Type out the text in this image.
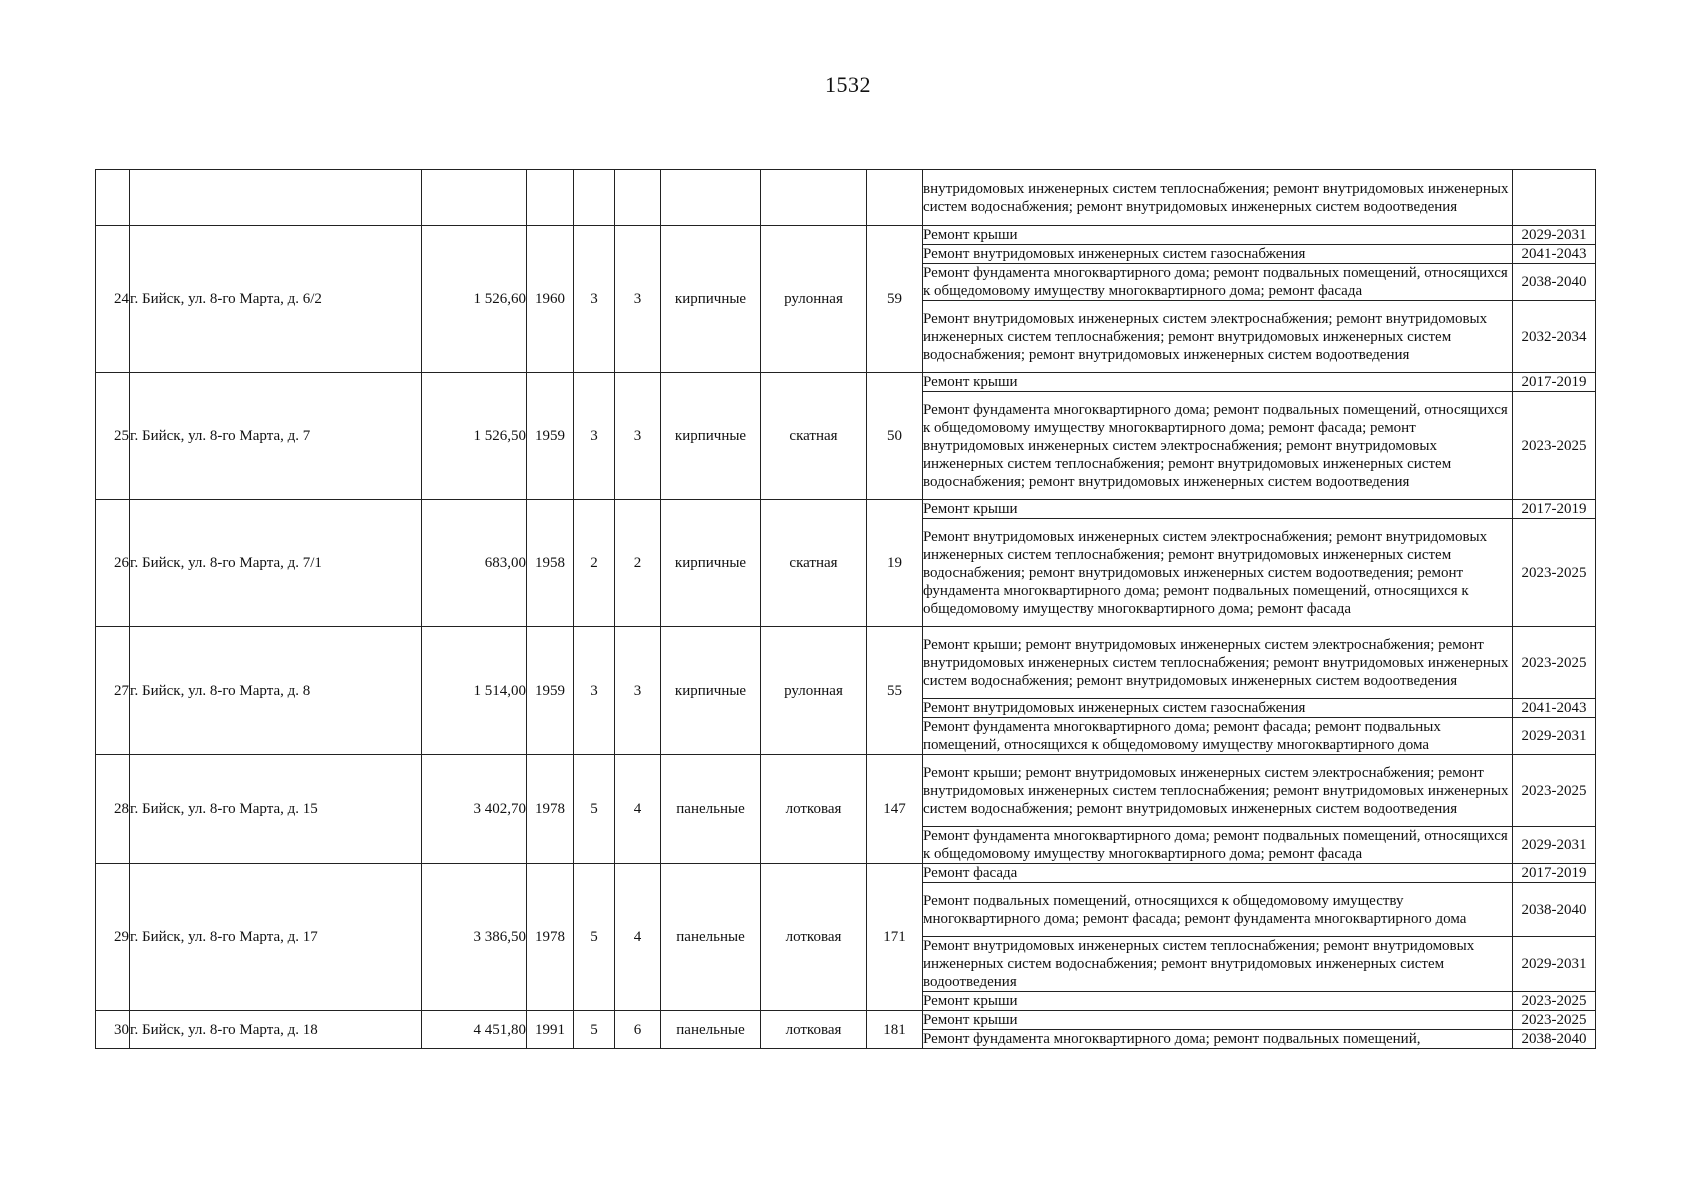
1532
									внутридомовых инженерных систем теплоснабжения; ремонт внутридомовых инженерных систем водоснабжения; ремонт внутридомовых инженерных систем водоотведения	
24	г. Бийск, ул. 8-го Марта, д. 6/2	1 526,60	1960	3	3	кирпичные	рулонная	59	Ремонт крыши	2029-2031
									Ремонт внутридомовых инженерных систем газоснабжения	2041-2043
									Ремонт фундамента многоквартирного дома; ремонт подвальных помещений, относящихся к общедомовому имуществу многоквартирного дома; ремонт фасада	2038-2040
									Ремонт внутридомовых инженерных систем электроснабжения; ремонт внутридомовых инженерных систем теплоснабжения; ремонт внутридомовых инженерных систем водоснабжения; ремонт внутридомовых инженерных систем водоотведения	2032-2034
25	г. Бийск, ул. 8-го Марта, д. 7	1 526,50	1959	3	3	кирпичные	скатная	50	Ремонт крыши	2017-2019
									Ремонт фундамента многоквартирного дома; ремонт подвальных помещений, относящихся к общедомовому имуществу многоквартирного дома; ремонт фасада; ремонт внутридомовых инженерных систем электроснабжения; ремонт внутридомовых инженерных систем теплоснабжения; ремонт внутридомовых инженерных систем водоснабжения; ремонт внутридомовых инженерных систем водоотведения	2023-2025
26	г. Бийск, ул. 8-го Марта, д. 7/1	683,00	1958	2	2	кирпичные	скатная	19	Ремонт крыши	2017-2019
									Ремонт внутридомовых инженерных систем электроснабжения; ремонт внутридомовых инженерных систем теплоснабжения; ремонт внутридомовых инженерных систем водоснабжения; ремонт внутридомовых инженерных систем водоотведения; ремонт фундамента многоквартирного дома; ремонт подвальных помещений, относящихся к общедомовому имуществу многоквартирного дома; ремонт фасада	2023-2025
27	г. Бийск, ул. 8-го Марта, д. 8	1 514,00	1959	3	3	кирпичные	рулонная	55	Ремонт крыши; ремонт внутридомовых инженерных систем электроснабжения; ремонт внутридомовых инженерных систем теплоснабжения; ремонт внутридомовых инженерных систем водоснабжения; ремонт внутридомовых инженерных систем водоотведения	2023-2025
									Ремонт внутридомовых инженерных систем газоснабжения	2041-2043
									Ремонт фундамента многоквартирного дома; ремонт фасада; ремонт подвальных помещений, относящихся к общедомовому имуществу многоквартирного дома	2029-2031
28	г. Бийск, ул. 8-го Марта, д. 15	3 402,70	1978	5	4	панельные	лотковая	147	Ремонт крыши; ремонт внутридомовых инженерных систем электроснабжения; ремонт внутридомовых инженерных систем теплоснабжения; ремонт внутридомовых инженерных систем водоснабжения; ремонт внутридомовых инженерных систем водоотведения	2023-2025
									Ремонт фундамента многоквартирного дома; ремонт подвальных помещений, относящихся к общедомовому имуществу многоквартирного дома; ремонт фасада	2029-2031
29	г. Бийск, ул. 8-го Марта, д. 17	3 386,50	1978	5	4	панельные	лотковая	171	Ремонт фасада	2017-2019
									Ремонт подвальных помещений, относящихся к общедомовому имуществу многоквартирного дома; ремонт фасада; ремонт фундамента многоквартирного дома	2038-2040
									Ремонт внутридомовых инженерных систем теплоснабжения; ремонт внутридомовых инженерных систем водоснабжения; ремонт внутридомовых инженерных систем водоотведения	2029-2031
									Ремонт крыши	2023-2025
30	г. Бийск, ул. 8-го Марта, д. 18	4 451,80	1991	5	6	панельные	лотковая	181	Ремонт крыши	2023-2025
									Ремонт фундамента многоквартирного дома; ремонт подвальных помещений,	2038-2040
